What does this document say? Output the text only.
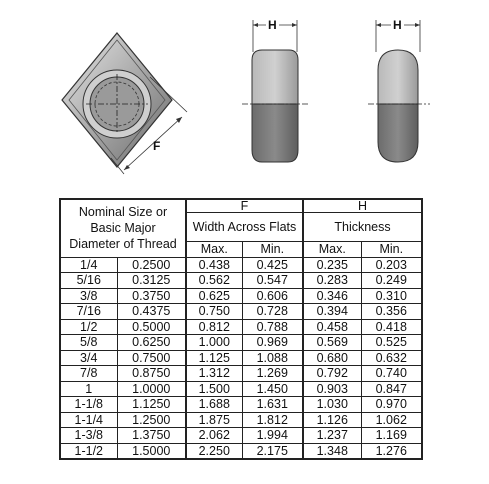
F
H	H
Nominal Size or
Basic Major
Diameter of Thread		F		H	
		Width Across Flats		Thickness	
		Max.	Min.	Max.	Min.
1/4	0.2500	0.438	0.425	0.235	0.203
5/16	0.3125	0.562	0.547	0.283	0.249
3/8	0.3750	0.625	0.606	0.346	0.310
7/16	0.4375	0.750	0.728	0.394	0.356
1/2	0.5000	0.812	0.788	0.458	0.418
5/8	0.6250	1.000	0.969	0.569	0.525
3/4	0.7500	1.125	1.088	0.680	0.632
7/8	0.8750	1.312	1.269	0.792	0.740
1	1.0000	1.500	1.450	0.903	0.847
1-1/8	1.1250	1.688	1.631	1.030	0.970
1-1/4	1.2500	1.875	1.812	1.126	1.062
1-3/8	1.3750	2.062	1.994	1.237	1.169
1-1/2	1.5000	2.250	2.175	1.348	1.276
